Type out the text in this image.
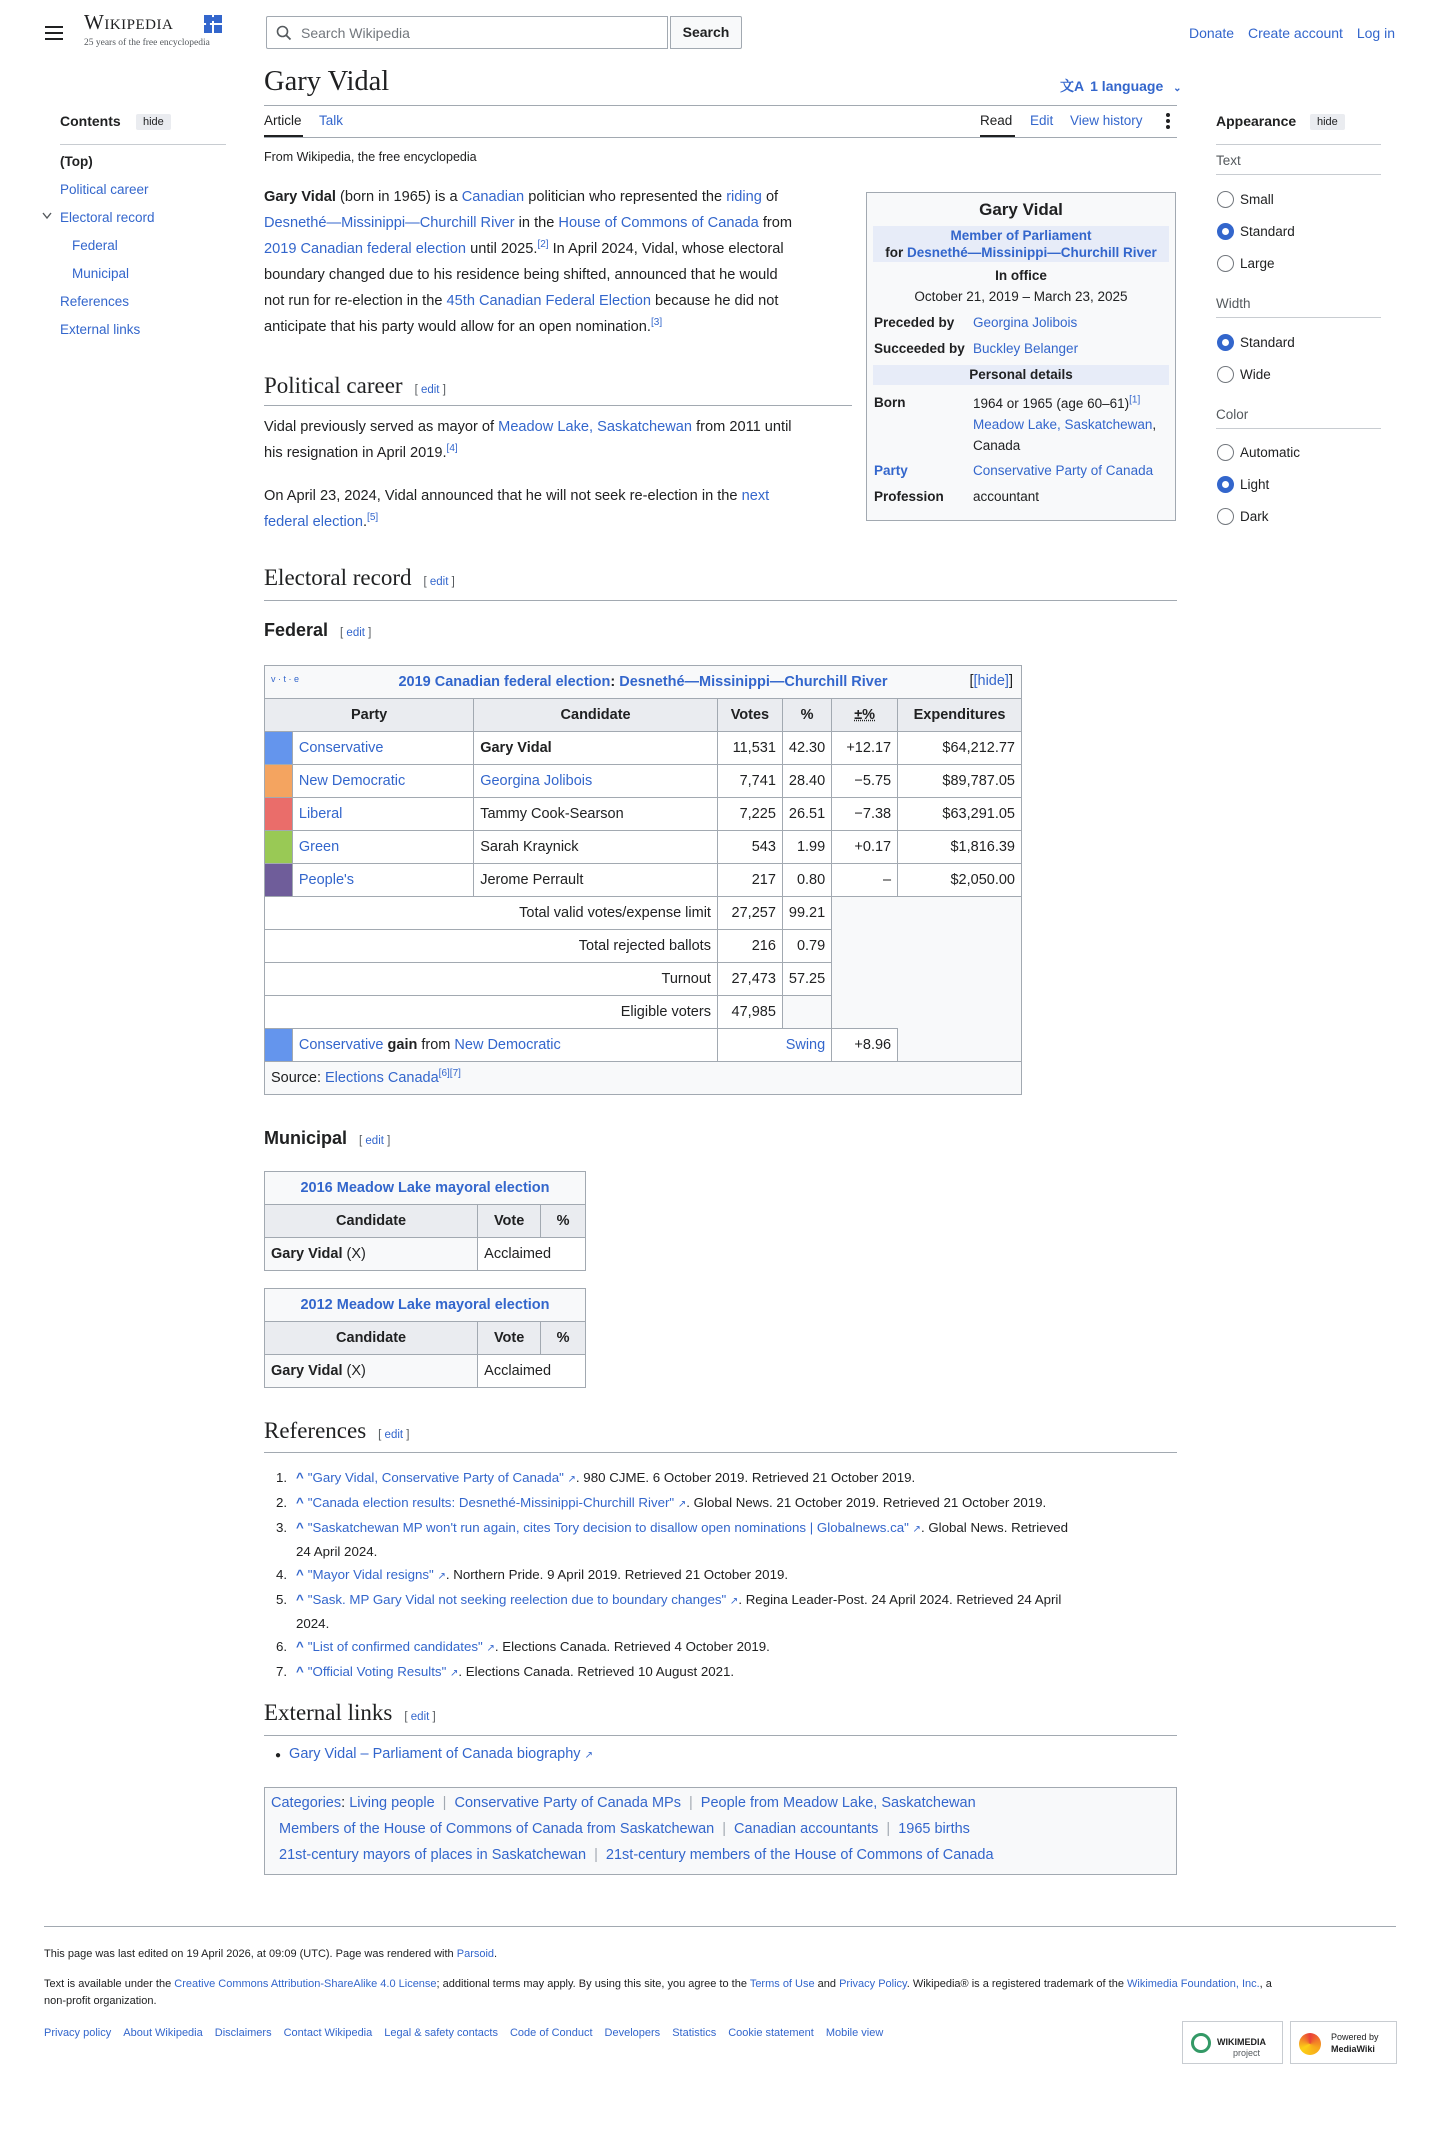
Wikipedia
25 years of the free encyclopedia
Search Wikipedia	Search	Donate Create account Log in
Contents	hide
(Top)
Political career
Electoral record
Federal
Municipal
References
External links
Gary Vidal	文A 1 language ⌄
Article Talk	Read Edit View history
From Wikipedia, the free encyclopedia
Gary Vidal (born in 1965) is a Canadian politician who represented the riding of
Desnethé—Missinippi—Churchill River in the House of Commons of Canada from
2019 Canadian federal election until 2025.[2] In April 2024, Vidal, whose electoral
boundary changed due to his residence being shifted, announced that he would
not run for re-election in the 45th Canadian Federal Election because he did not
anticipate that his party would allow for an open nomination.[3]
Gary Vidal
Member of Parliament
for Desnethé—Missinippi—Churchill River
In office
October 21, 2019 – March 23, 2025
Preceded by Georgina Jolibois
Succeeded by Buckley Belanger
Personal details
Born	1964 or 1965 (age 60–61)[1]
Meadow Lake, Saskatchewan,
Canada
Party	Conservative Party of Canada
Profession accountant
Political career [ edit ]
Vidal previously served as mayor of Meadow Lake, Saskatchewan from 2011 until
his resignation in April 2019.[4]
On April 23, 2024, Vidal announced that he will not seek re-election in the next
federal election.[5]
Electoral record [ edit ]
Federal [ edit ]
v · t · e 2019 Canadian federal election: Desnethé—Missinippi—Churchill River [[hide]]						

Party		Candidate	Votes	%	±%	Expenditures
	Conservative	Gary Vidal	11,531	42.30	+12.17	$64,212.77
	New Democratic	Georgina Jolibois	7,741	28.40	−5.75	$89,787.05
	Liberal	Tammy Cook-Searson	7,225	26.51	−7.38	$63,291.05
	Green	Sarah Kraynick	543	1.99	+0.17	$1,816.39
	People's	Jerome Perrault	217	0.80	–	$2,050.00
Total valid votes/expense limit			27,257	99.21		
Total rejected ballots			216	0.79		
Turnout			27,473	57.25		
Eligible voters			47,985			
	Conservative gain from New Democratic		Swing		+8.96	
Source: Elections Canada[6][7]
Municipal [ edit ]
2016 Meadow Lake mayoral election		
Candidate	Vote	%
Gary Vidal (X)	Acclaimed	
2012 Meadow Lake mayoral election		
Candidate	Vote	%
Gary Vidal (X)	Acclaimed	
References [ edit ]
1. ^ "Gary Vidal, Conservative Party of Canada" ↗. 980 CJME. 6 October 2019. Retrieved 21 October 2019.
2. ^ "Canada election results: Desnethé-Missinippi-Churchill River" ↗. Global News. 21 October 2019. Retrieved 21 October 2019.
3. ^ "Saskatchewan MP won't run again, cites Tory decision to disallow open nominations | Globalnews.ca" ↗. Global News. Retrieved
24 April 2024.
4. ^ "Mayor Vidal resigns" ↗. Northern Pride. 9 April 2019. Retrieved 21 October 2019.
5. ^ "Sask. MP Gary Vidal not seeking reelection due to boundary changes" ↗. Regina Leader-Post. 24 April 2024. Retrieved 24 April
2024.
6. ^ "List of confirmed candidates" ↗. Elections Canada. Retrieved 4 October 2019.
7. ^ "Official Voting Results" ↗. Elections Canada. Retrieved 10 August 2021.
External links [ edit ]
● Gary Vidal – Parliament of Canada biography ↗
Categories: Living people | Conservative Party of Canada MPs | People from Meadow Lake, Saskatchewan
Members of the House of Commons of Canada from Saskatchewan | Canadian accountants | 1965 births
21st-century mayors of places in Saskatchewan | 21st-century members of the House of Commons of Canada
Appearance	hide
Text
Small
Standard
Large
Width
Standard
Wide
Color
Automatic
Light
Dark
This page was last edited on 19 April 2026, at 09:09 (UTC). Page was rendered with Parsoid.
Text is available under the Creative Commons Attribution-ShareAlike 4.0 License; additional terms may apply. By using this site, you agree to the Terms of Use and Privacy Policy. Wikipedia® is a registered trademark of the Wikimedia Foundation, Inc., a
non-profit organization.
Privacy policy About Wikipedia Disclaimers Contact Wikipedia Legal & safety contacts Code of Conduct Developers Statistics Cookie statement Mobile view
WIKIMEDIA
project
Powered by
MediaWiki
